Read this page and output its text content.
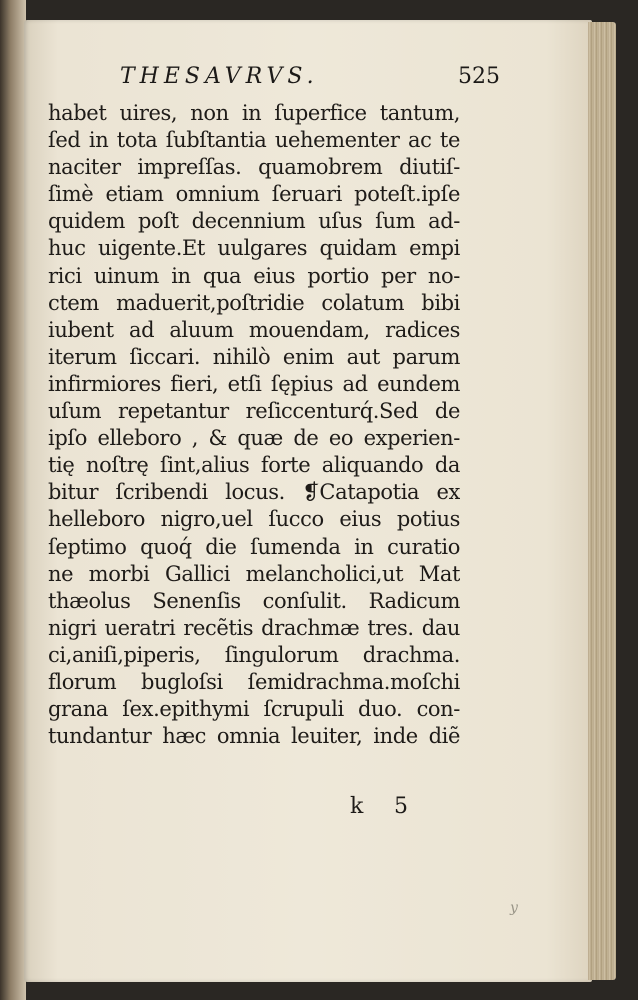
THESAVRVS.	525
habet uires, non in ſuperfice tantum,
ſed in tota ſubſtantia uehementer ac te
naciter impreſſas. quamobrem diutiſ-
ſimè etiam omnium ſeruari poteſt.ipſe
quidem poſt decennium uſus ſum ad-
huc uigente.Et uulgares quidam empi
rici uinum in qua eius portio per no-
ctem maduerit,poſtridie colatum bibi
iubent ad aluum mouendam, radices
iterum ſiccari. nihilò enim aut parum
infirmiores fieri, etſi ſępius ad eundem
uſum repetantur reſiccenturq́.Sed de
ipſo elleboro , & quæ de eo experien-
tię noſtrę ſint,alius forte aliquando da
bitur ſcribendi locus. ❡Catapotia ex
helleboro nigro,uel ſucco eius potius
ſeptimo quoq́ die ſumenda in curatio
ne morbi Gallici melancholici,ut Mat
thæolus Senenſis conſulit. Radicum
nigri ueratri recẽtis drachmæ tres. dau
ci,aniſi,piperis, ſingulorum drachma.
florum bugloſsi ſemidrachma.moſchi
grana ſex.epithymi ſcrupuli duo. con-
tundantur hæc omnia leuiter, inde diẽ
k 5
y
